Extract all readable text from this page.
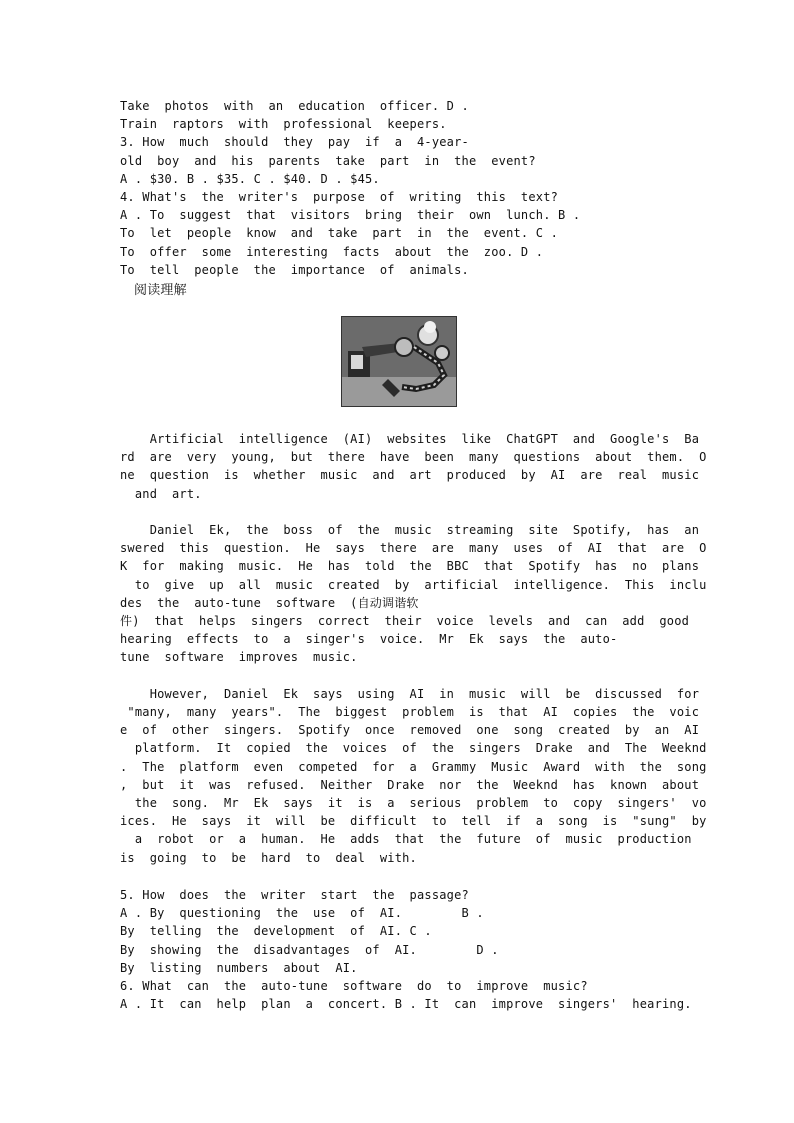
Take  photos  with  an  education  officer. D .
Train  raptors  with  professional  keepers.
3. How  much  should  they  pay  if  a  4-year-
old  boy  and  his  parents  take  part  in  the  event?
A . $30. B . $35. C . $40. D . $45.
4. What's  the  writer's  purpose  of  writing  this  text?
A . To  suggest  that  visitors  bring  their  own  lunch. B .
To  let  people  know  and  take  part  in  the  event. C .
To  offer  some  interesting  facts  about  the  zoo. D .
To  tell  people  the  importance  of  animals.
阅读理解
Artificial  intelligence  (AI)  websites  like  ChatGPT  and  Google's  Ba
rd  are  very  young,  but  there  have  been  many  questions  about  them.  O
ne  question  is  whether  music  and  art  produced  by  AI  are  real  music
and  art.
Daniel  Ek,  the  boss  of  the  music  streaming  site  Spotify,  has  an
swered  this  question.  He  says  there  are  many  uses  of  AI  that  are  O
K  for  making  music.  He  has  told  the  BBC  that  Spotify  has  no  plans
to  give  up  all  music  created  by  artificial  intelligence.  This  inclu
des  the  auto-tune  software  (自动调谐软
件)  that  helps  singers  correct  their  voice  levels  and  can  add  good
hearing  effects  to  a  singer's  voice.  Mr  Ek  says  the  auto-
tune  software  improves  music.
However,  Daniel  Ek  says  using  AI  in  music  will  be  discussed  for
"many,  many  years".  The  biggest  problem  is  that  AI  copies  the  voic
e  of  other  singers.  Spotify  once  removed  one  song  created  by  an  AI
platform.  It  copied  the  voices  of  the  singers  Drake  and  The  Weeknd
.  The  platform  even  competed  for  a  Grammy  Music  Award  with  the  song
,  but  it  was  refused.  Neither  Drake  nor  the  Weeknd  has  known  about
the  song.  Mr  Ek  says  it  is  a  serious  problem  to  copy  singers'  vo
ices.  He  says  it  will  be  difficult  to  tell  if  a  song  is  "sung"  by
a  robot  or  a  human.  He  adds  that  the  future  of  music  production
is  going  to  be  hard  to  deal  with.
5. How  does  the  writer  start  the  passage?
A . By  questioning  the  use  of  AI.        B .
By  telling  the  development  of  AI. C .
By  showing  the  disadvantages  of  AI.        D .
By  listing  numbers  about  AI.
6. What  can  the  auto-tune  software  do  to  improve  music?
A . It  can  help  plan  a  concert. B . It  can  improve  singers'  hearing.
